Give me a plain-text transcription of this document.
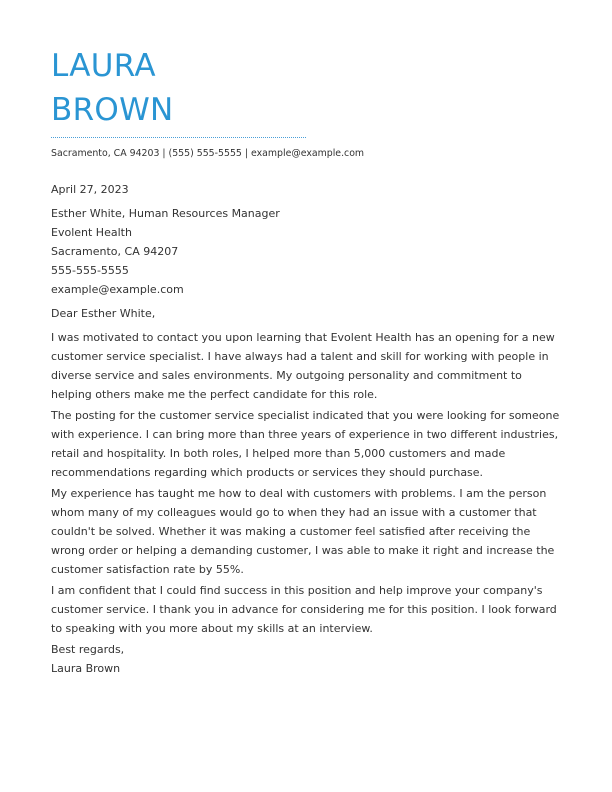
LAURA
BROWN
Sacramento, CA 94203 | (555) 555-5555 | example@example.com

April 27, 2023

Esther White, Human Resources Manager

Evolent Health

Sacramento, CA 94207

555-555-5555

example@example.com

Dear Esther White,

I was motivated to contact you upon learning that Evolent Health has an opening for a new customer service specialist. I have always had a talent and skill for working with people in diverse service and sales environments. My outgoing personality and commitment to helping others make me the perfect candidate for this role.

The posting for the customer service specialist indicated that you were looking for someone with experience. I can bring more than three years of experience in two different industries, retail and hospitality. In both roles, I helped more than 5,000 customers and made recommendations regarding which products or services they should purchase.

My experience has taught me how to deal with customers with problems. I am the person whom many of my colleagues would go to when they had an issue with a customer that couldn't be solved. Whether it was making a customer feel satisfied after receiving the wrong order or helping a demanding customer, I was able to make it right and increase the customer satisfaction rate by 55%.

I am confident that I could find success in this position and help improve your company's customer service. I thank you in advance for considering me for this position. I look forward to speaking with you more about my skills at an interview.

Best regards,

Laura Brown
